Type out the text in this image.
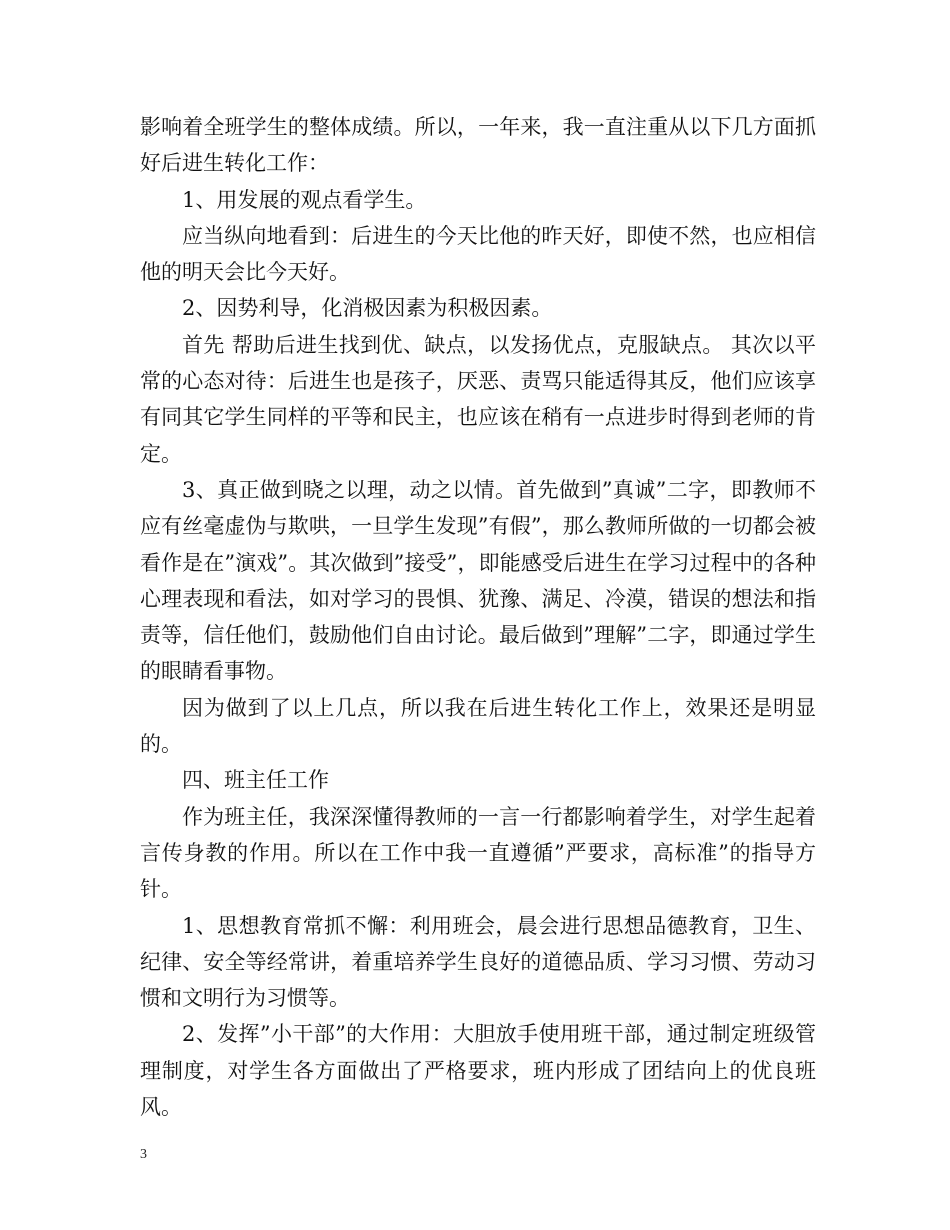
影响着全班学生的整体成绩。所以，一年来，我一直注重从以下几方面抓好后进生转化工作：

1、用发展的观点看学生。

应当纵向地看到：后进生的今天比他的昨天好，即使不然，也应相信他的明天会比今天好。

2、因势利导，化消极因素为积极因素。

首先 帮助后进生找到优、缺点，以发扬优点，克服缺点。 其次以平常的心态对待：后进生也是孩子，厌恶、责骂只能适得其反，他们应该享有同其它学生同样的平等和民主，也应该在稍有一点进步时得到老师的肯定。

3、真正做到晓之以理，动之以情。首先做到”真诚”二字，即教师不应有丝毫虚伪与欺哄，一旦学生发现”有假”，那么教师所做的一切都会被看作是在”演戏”。其次做到”接受”，即能感受后进生在学习过程中的各种心理表现和看法，如对学习的畏惧、犹豫、满足、冷漠，错误的想法和指责等，信任他们，鼓励他们自由讨论。最后做到”理解”二字，即通过学生的眼睛看事物。

因为做到了以上几点，所以我在后进生转化工作上，效果还是明显的。

四、班主任工作

作为班主任，我深深懂得教师的一言一行都影响着学生，对学生起着言传身教的作用。所以在工作中我一直遵循”严要求，高标准”的指导方针。

1、思想教育常抓不懈：利用班会，晨会进行思想品德教育，卫生、纪律、安全等经常讲，着重培养学生良好的道德品质、学习习惯、劳动习惯和文明行为习惯等。

2、发挥”小干部”的大作用：大胆放手使用班干部，通过制定班级管理制度，对学生各方面做出了严格要求，班内形成了团结向上的优良班风。

3
